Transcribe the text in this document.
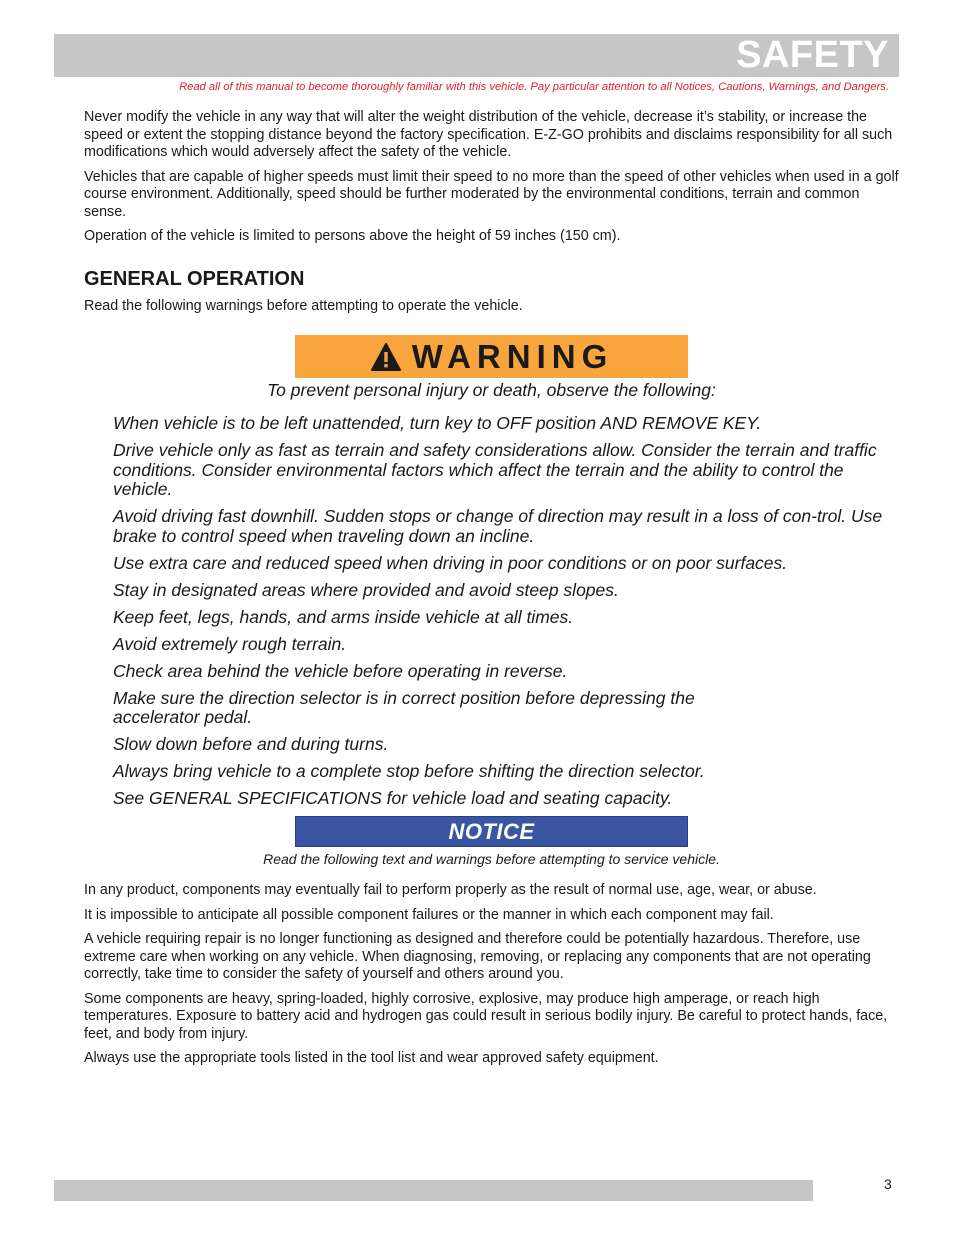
SAFETY
Read all of this manual to become thoroughly familiar with this vehicle. Pay particular attention to all Notices, Cautions, Warnings, and Dangers.

Never modify the vehicle in any way that will alter the weight distribution of the vehicle, decrease it’s stability, or increase the speed or extent the stopping distance beyond the factory specification. E-Z-GO prohibits and disclaims responsibility for all such modifications which would adversely affect the safety of the vehicle.

Vehicles that are capable of higher speeds must limit their speed to no more than the speed of other vehicles when used in a golf course environment. Additionally, speed should be further moderated by the environmental conditions, terrain and common sense.

Operation of the vehicle is limited to persons above the height of 59 inches (150 cm).

GENERAL OPERATION

Read the following warnings before attempting to operate the vehicle.

WARNING
To prevent personal injury or death, observe the following:
When vehicle is to be left unattended, turn key to OFF position AND REMOVE KEY.
Drive vehicle only as fast as terrain and safety considerations allow. Consider the terrain and traffic conditions. Consider environmental factors which affect the terrain and the ability to control the vehicle.
Avoid driving fast downhill. Sudden stops or change of direction may result in a loss of con-trol. Use brake to control speed when traveling down an incline.
Use extra care and reduced speed when driving in poor conditions or on poor surfaces.
Stay in designated areas where provided and avoid steep slopes.
Keep feet, legs, hands, and arms inside vehicle at all times.
Avoid extremely rough terrain.
Check area behind the vehicle before operating in reverse.
Make sure the direction selector is in correct position before depressing the accelerator pedal.
Slow down before and during turns.
Always bring vehicle to a complete stop before shifting the direction selector.
See GENERAL SPECIFICATIONS for vehicle load and seating capacity.
NOTICE
Read the following text and warnings before attempting to service vehicle.

In any product, components may eventually fail to perform properly as the result of normal use, age, wear, or abuse.

It is impossible to anticipate all possible component failures or the manner in which each component may fail.

A vehicle requiring repair is no longer functioning as designed and therefore could be potentially hazardous. Therefore, use extreme care when working on any vehicle. When diagnosing, removing, or replacing any components that are not operating correctly, take time to consider the safety of yourself and others around you.

Some components are heavy, spring-loaded, highly corrosive, explosive, may produce high amperage, or reach high temperatures. Exposure to battery acid and hydrogen gas could result in serious bodily injury. Be careful to protect hands, face, feet, and body from injury.

Always use the appropriate tools listed in the tool list and wear approved safety equipment.

3
